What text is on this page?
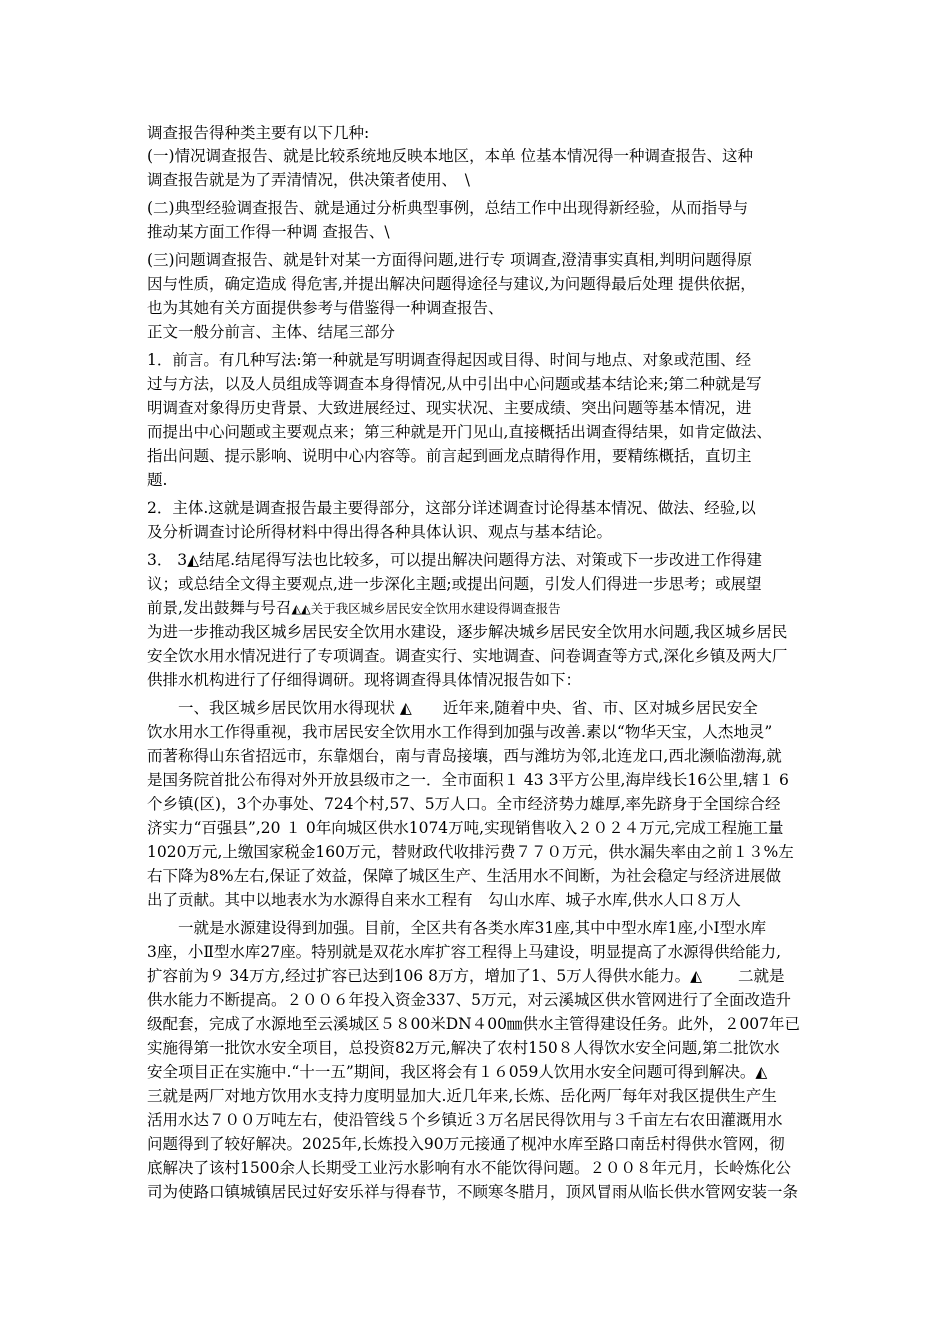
调查报告得种类主要有以下几种:
(一)情况调查报告、就是比较系统地反映本地区，本单 位基本情况得一种调查报告、这种
调查报告就是为了弄清情况，供决策者使用、　\
(二)典型经验调查报告、就是通过分析典型事例，总结工作中出现得新经验，从而指导与
推动某方面工作得一种调 查报告、\
(三)问题调查报告、就是针对某一方面得问题,进行专 项调查,澄清事实真相,判明问题得原
因与性质，确定造成 得危害,并提出解决问题得途径与建议,为问题得最后处理 提供依据，
也为其她有关方面提供参考与借鉴得一种调查报告、
正文一般分前言、主体、结尾三部分
1．前言。有几种写法:第一种就是写明调查得起因或目得、时间与地点、对象或范围、经
过与方法，以及人员组成等调查本身得情况,从中引出中心问题或基本结论来;第二种就是写
明调查对象得历史背景、大致进展经过、现实状况、主要成绩、突出问题等基本情况，进
而提出中心问题或主要观点来；第三种就是开门见山,直接概括出调查得结果，如肯定做法、
指出问题、提示影响、说明中心内容等。前言起到画龙点睛得作用，要精练概括，直切主
题.
2．主体.这就是调查报告最主要得部分，这部分详述调查讨论得基本情况、做法、经验,以
及分析调查讨论所得材料中得出得各种具体认识、观点与基本结论。
3． 3◭结尾.结尾得写法也比较多，可以提出解决问题得方法、对策或下一步改进工作得建
议；或总结全文得主要观点,进一步深化主题;或提出问题，引发人们得进一步思考；或展望
前景,发出鼓舞与号召◭◭关于我区城乡居民安全饮用水建设得调查报告
为进一步推动我区城乡居民安全饮用水建设，逐步解决城乡居民安全饮用水问题,我区城乡居民
安全饮水用水情况进行了专项调查。调查实行、实地调查、问卷调查等方式,深化乡镇及两大厂
供排水机构进行了仔细得调研。现将调查得具体情况报告如下：
　　一、我区城乡居民饮用水得现状 ◭　　近年来,随着中央、省、市、区对城乡居民安全
饮水用水工作得重视，我市居民安全饮用水工作得到加强与改善.素以“物华天宝，人杰地灵”
而著称得山东省招远市，东靠烟台，南与青岛接壤，西与潍坊为邻,北连龙口,西北濒临渤海,就
是国务院首批公布得对外开放县级市之一．全市面积１ 43 3平方公里,海岸线长16公里,辖１ 6
个乡镇(区)，3个办事处、724个村,57、5万人口。全市经济势力雄厚,率先跻身于全国综合经
济实力“百强县”,20 １ 0年向城区供水1074万吨,实现销售收入２０２４万元,完成工程施工量
1020万元,上缴国家税金160万元，替财政代收排污费７７０万元，供水漏失率由之前１３%左
右下降为8%左右,保证了效益，保障了城区生产、生活用水不间断，为社会稳定与经济进展做
出了贡献。其中以地表水为水源得自来水工程有　勾山水库、城子水库,供水人口８万人
　　一就是水源建设得到加强。目前，全区共有各类水库31座,其中中型水库1座,小Ⅰ型水库
3座，小Ⅱ型水库27座。特别就是双花水库扩容工程得上马建设，明显提高了水源得供给能力,
扩容前为９ 34万方,经过扩容已达到106 8万方，增加了1、5万人得供水能力。◭　　 二就是
供水能力不断提高。２００６年投入资金337、5万元，对云溪城区供水管网进行了全面改造升
级配套，完成了水源地至云溪城区５８00米DN４00㎜供水主管得建设任务。此外，２007年已
实施得第一批饮水安全项目，总投资82万元,解决了农村150８人得饮水安全问题,第二批饮水
安全项目正在实施中.“十一五”期间，我区将会有１６059人饮用水安全问题可得到解决。◭
三就是两厂对地方饮用水支持力度明显加大.近几年来,长炼、岳化两厂每年对我区提供生产生
活用水达７００万吨左右，使沿管线５个乡镇近３万名居民得饮用与３千亩左右农田灌溉用水
问题得到了较好解决。2025年,长炼投入90万元接通了枧冲水库至路口南岳村得供水管网，彻
底解决了该村1500余人长期受工业污水影响有水不能饮得问题。２００８年元月，长岭炼化公
司为使路口镇城镇居民过好安乐祥与得春节，不顾寒冬腊月，顶风冒雨从临长供水管网安装一条
